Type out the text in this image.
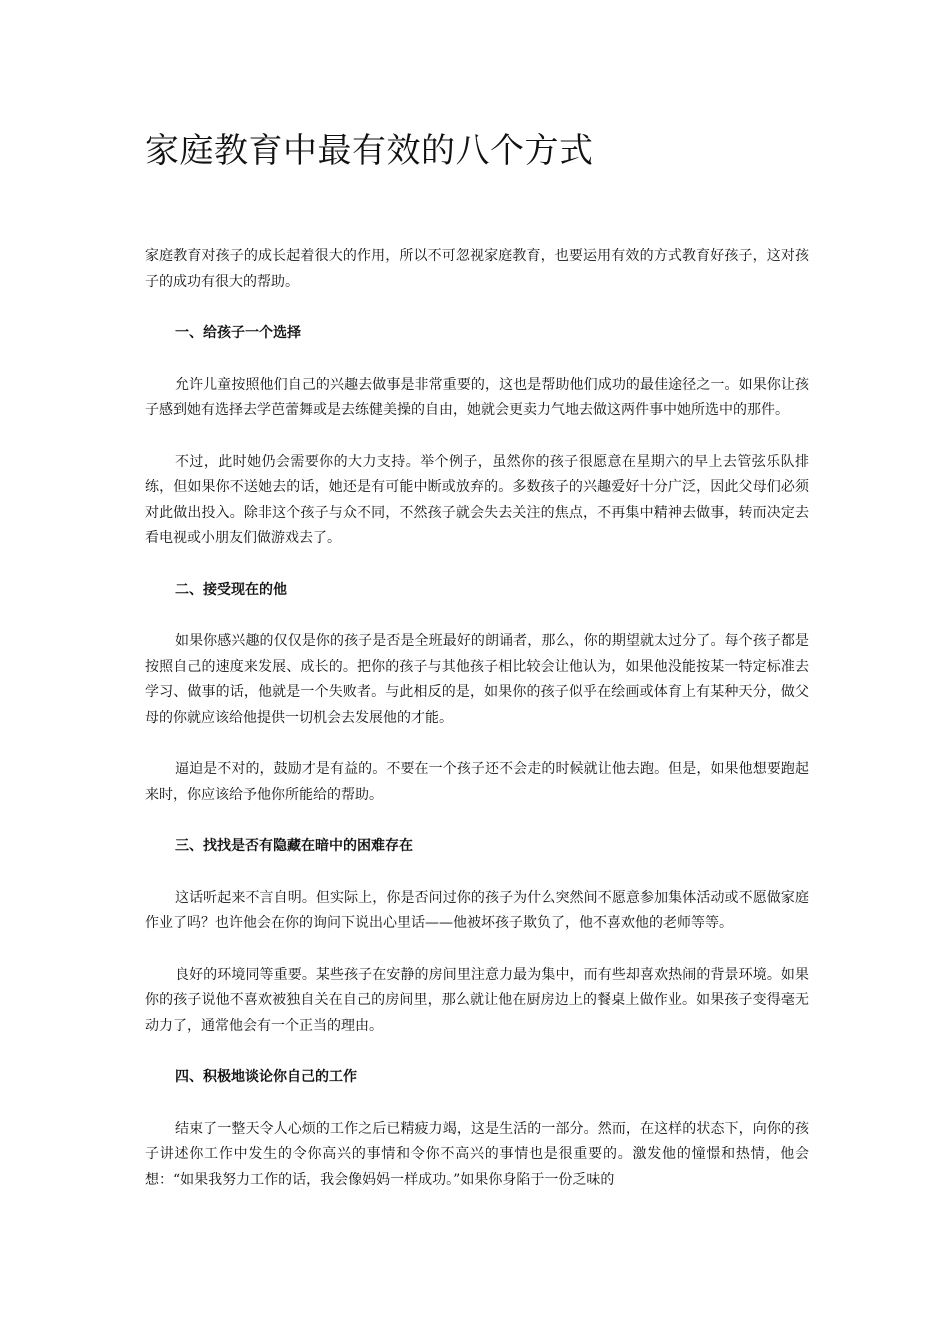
家庭教育中最有效的八个方式

家庭教育对孩子的成长起着很大的作用，所以不可忽视家庭教育，也要运用有效的方式教育好孩子，这对孩子的成功有很大的帮助。

一、给孩子一个选择

允许儿童按照他们自己的兴趣去做事是非常重要的，这也是帮助他们成功的最佳途径之一。如果你让孩子感到她有选择去学芭蕾舞或是去练健美操的自由，她就会更卖力气地去做这两件事中她所选中的那件。

不过，此时她仍会需要你的大力支持。举个例子，虽然你的孩子很愿意在星期六的早上去管弦乐队排练，但如果你不送她去的话，她还是有可能中断或放弃的。多数孩子的兴趣爱好十分广泛，因此父母们必须对此做出投入。除非这个孩子与众不同，不然孩子就会失去关注的焦点，不再集中精神去做事，转而决定去看电视或小朋友们做游戏去了。

二、接受现在的他

如果你感兴趣的仅仅是你的孩子是否是全班最好的朗诵者，那么，你的期望就太过分了。每个孩子都是按照自己的速度来发展、成长的。把你的孩子与其他孩子相比较会让他认为，如果他没能按某一特定标准去学习、做事的话，他就是一个失败者。与此相反的是，如果你的孩子似乎在绘画或体育上有某种天分，做父母的你就应该给他提供一切机会去发展他的才能。

逼迫是不对的，鼓励才是有益的。不要在一个孩子还不会走的时候就让他去跑。但是，如果他想要跑起来时，你应该给予他你所能给的帮助。

三、找找是否有隐藏在暗中的困难存在

这话听起来不言自明。但实际上，你是否问过你的孩子为什么突然间不愿意参加集体活动或不愿做家庭作业了吗？也许他会在你的询问下说出心里话——他被坏孩子欺负了，他不喜欢他的老师等等。

良好的环境同等重要。某些孩子在安静的房间里注意力最为集中，而有些却喜欢热闹的背景环境。如果你的孩子说他不喜欢被独自关在自己的房间里，那么就让他在厨房边上的餐桌上做作业。如果孩子变得毫无动力了，通常他会有一个正当的理由。

四、积极地谈论你自己的工作

结束了一整天令人心烦的工作之后已精疲力竭，这是生活的一部分。然而，在这样的状态下，向你的孩子讲述你工作中发生的令你高兴的事情和令你不高兴的事情也是很重要的。激发他的憧憬和热情，他会想：“如果我努力工作的话，我会像妈妈一样成功。”如果你身陷于一份乏味的
